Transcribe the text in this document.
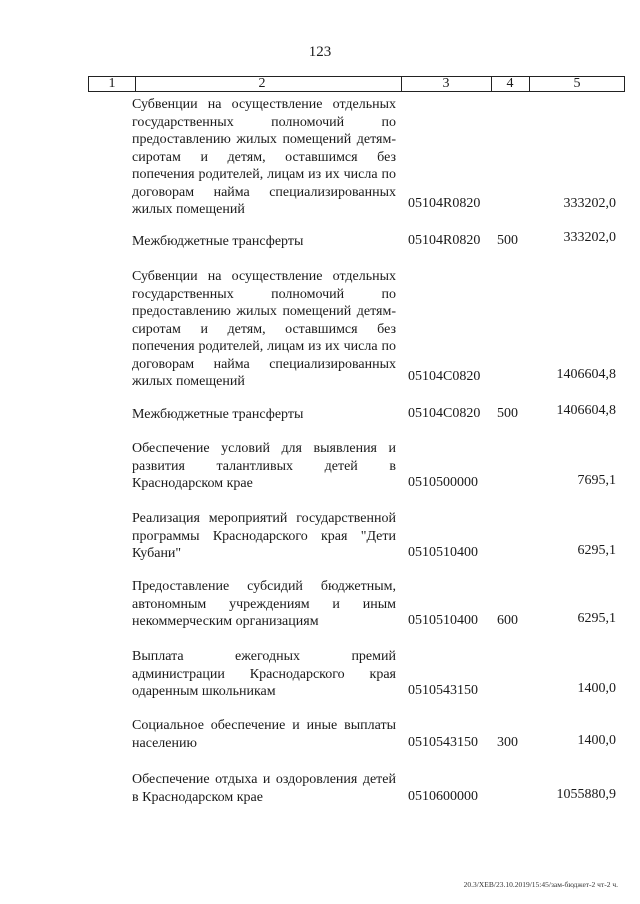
123
1	2	3	4	5
Субвенции на осуществление отдельных государственных полномочий по предоставлению жилых помещений детям-сиротам и детям, оставшимся без попечения родителей, лицам из их числа по договорам найма специализированных жилых помещений	05104R0820	333202,0
Межбюджетные трансферты	05104R0820 500	333202,0
Субвенции на осуществление отдельных государственных полномочий по предоставлению жилых помещений детям-сиротам и детям, оставшимся без попечения родителей, лицам из их числа по договорам найма специализированных жилых помещений	05104C0820	1406604,8
Межбюджетные трансферты	05104C0820 500	1406604,8
Обеспечение условий для выявления и развития талантливых детей в Краснодарском крае	0510500000	7695,1
Реализация мероприятий государственной программы Краснодарского края "Дети Кубани"	0510510400	6295,1
Предоставление субсидий бюджетным, автономным учреждениям и иным некоммерческим организациям	0510510400 600	6295,1
Выплата ежегодных премий администрации Краснодарского края одаренным школьникам	0510543150	1400,0
Социальное обеспечение и иные выплаты населению	0510543150 300	1400,0
Обеспечение отдыха и оздоровления детей в Краснодарском крае	0510600000	1055880,9
20.3/ХЕВ/23.10.2019/15:45/зам-бюджет-2 чт-2 ч.
